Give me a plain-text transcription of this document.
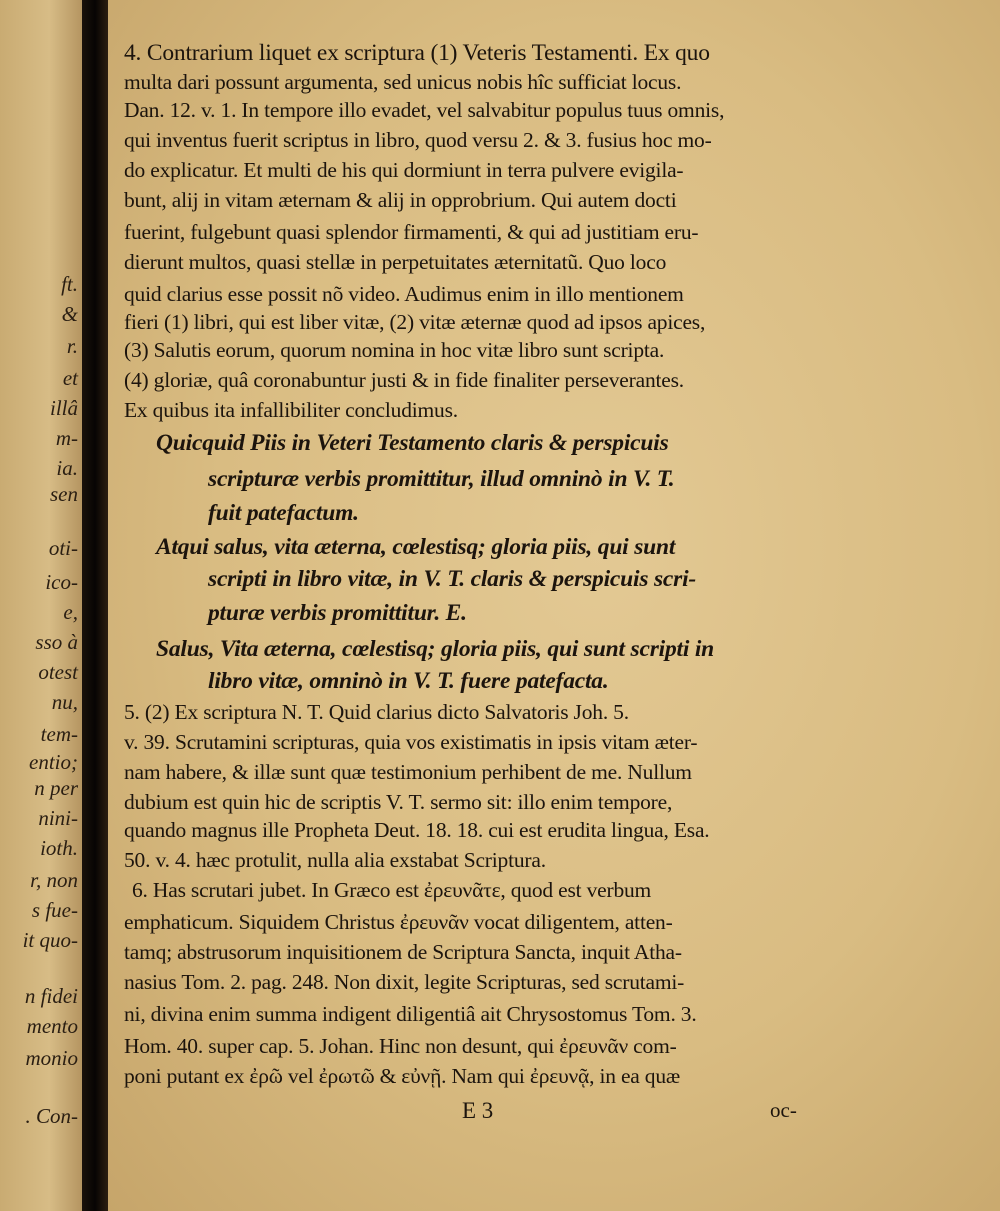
ft.
&
r.
et
illâ
m-
ia.
sen
oti-
ico-
e,
sso à
otest
nu,
tem-
entio;
n per
nini-
ioth.
r, non
s fue-
it quo-
n fidei
mento
monio
. Con-
4. Contrarium liquet ex scriptura (1) Veteris Testamenti. Ex quo
multa dari possunt argumenta, sed unicus nobis hîc sufficiat locus.
Dan. 12. v. 1. In tempore illo evadet, vel salvabitur populus tuus omnis,
qui inventus fuerit scriptus in libro, quod versu 2. & 3. fusius hoc mo-
do explicatur. Et multi de his qui dormiunt in terra pulvere evigila-
bunt, alij in vitam æternam & alij in opprobrium. Qui autem docti
fuerint, fulgebunt quasi splendor firmamenti, & qui ad justitiam eru-
dierunt multos, quasi stellæ in perpetuitates æternitatũ. Quo loco
quid clarius esse possit nõ video. Audimus enim in illo mentionem
fieri (1) libri, qui est liber vitæ, (2) vitæ æternæ quod ad ipsos apices,
(3) Salutis eorum, quorum nomina in hoc vitæ libro sunt scripta.
(4) gloriæ, quâ coronabuntur justi & in fide finaliter perseverantes.
Ex quibus ita infallibiliter concludimus.
Quicquid Piis in Veteri Testamento claris & perspicuis
scripturæ verbis promittitur, illud omninò in V. T.
fuit patefactum.
Atqui salus, vita æterna, cœlestisq; gloria piis, qui sunt
scripti in libro vitæ, in V. T. claris & perspicuis scri-
pturæ verbis promittitur. E.
Salus, Vita æterna, cœlestisq; gloria piis, qui sunt scripti in
libro vitæ, omninò in V. T. fuere patefacta.
5. (2) Ex scriptura N. T. Quid clarius dicto Salvatoris Joh. 5.
v. 39. Scrutamini scripturas, quia vos existimatis in ipsis vitam æter-
nam habere, & illæ sunt quæ testimonium perhibent de me. Nullum
dubium est quin hic de scriptis V. T. sermo sit: illo enim tempore,
quando magnus ille Propheta Deut. 18. 18. cui est erudita lingua, Esa.
50. v. 4. hæc protulit, nulla alia exstabat Scriptura.
6. Has scrutari jubet. In Græco est ἐρευνᾶτε, quod est verbum
emphaticum. Siquidem Christus ἐρευνᾶν vocat diligentem, atten-
tamq; abstrusorum inquisitionem de Scriptura Sancta, inquit Atha-
nasius Tom. 2. pag. 248. Non dixit, legite Scripturas, sed scrutami-
ni, divina enim summa indigent diligentiâ ait Chrysostomus Tom. 3.
Hom. 40. super cap. 5. Johan. Hinc non desunt, qui ἐρευνᾶν com-
poni putant ex ἐρῶ vel ἐρωτῶ & εὐνῇ. Nam qui ἐρευνᾷ, in ea quæ
E 3	oc-
